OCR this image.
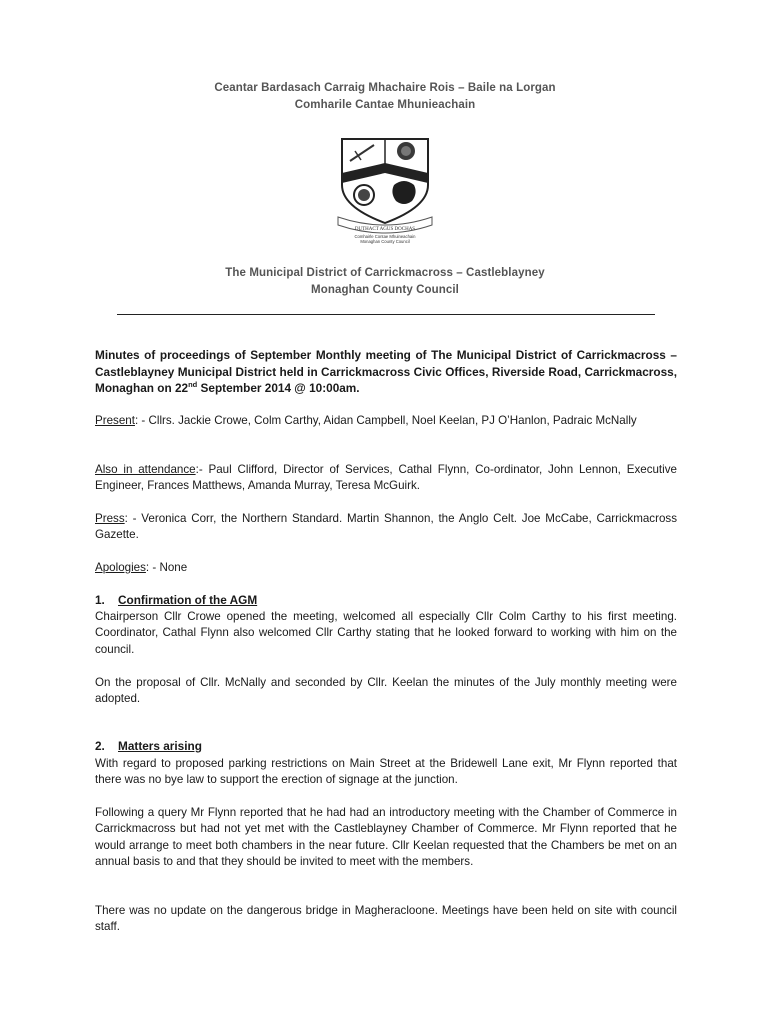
Ceantar Bardasach Carraig Mhachaire Rois – Baile na Lorgan
Comharile Cantae Mhunieachain
DUTHACT AGUS DOCHAS
Comhairle Contae Mhuineachain
Monaghan County Council
The Municipal District of Carrickmacross – Castleblayney
Monaghan County Council
Minutes of proceedings of September Monthly meeting of The Municipal District of Carrickmacross – Castleblayney Municipal District held in Carrickmacross Civic Offices, Riverside Road, Carrickmacross, Monaghan on 22nd September 2014 @ 10:00am.
Present: - Cllrs. Jackie Crowe, Colm Carthy, Aidan Campbell, Noel Keelan, PJ O’Hanlon, Padraic McNally
Also in attendance:- Paul Clifford, Director of Services, Cathal Flynn, Co-ordinator, John Lennon, Executive Engineer, Frances Matthews, Amanda Murray, Teresa McGuirk.
Press: - Veronica Corr, the Northern Standard. Martin Shannon, the Anglo Celt. Joe McCabe, Carrickmacross Gazette.
Apologies: - None
1. Confirmation of the AGM
Chairperson Cllr Crowe opened the meeting, welcomed all especially Cllr Colm Carthy to his first meeting. Coordinator, Cathal Flynn also welcomed Cllr Carthy stating that he looked forward to working with him on the council.
On the proposal of Cllr. McNally and seconded by Cllr. Keelan the minutes of the July monthly meeting were adopted.
2. Matters arising
With regard to proposed parking restrictions on Main Street at the Bridewell Lane exit, Mr Flynn reported that there was no bye law to support the erection of signage at the junction.
Following a query Mr Flynn reported that he had had an introductory meeting with the Chamber of Commerce in Carrickmacross but had not yet met with the Castleblayney Chamber of Commerce. Mr Flynn reported that he would arrange to meet both chambers in the near future. Cllr Keelan requested that the Chambers be met on an annual basis to and that they should be invited to meet with the members.
There was no update on the dangerous bridge in Magheracloone. Meetings have been held on site with council staff.
